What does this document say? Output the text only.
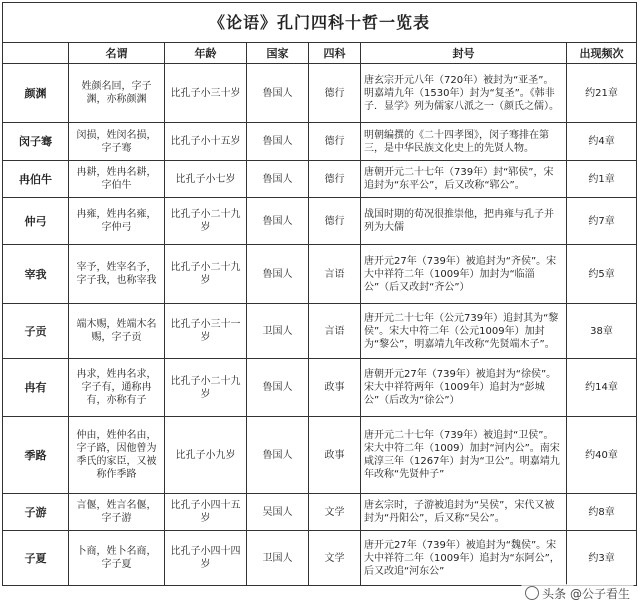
《论语》孔门四科十哲一览表						
	名谓	年龄	国家	四科	封号	出现频次
颜渊	姓颜名回，字子渊，亦称颜渊	比孔子小三十岁	鲁国人	德行	唐玄宗开元八年（720年）被封为“亚圣”。明嘉靖九年（1530年）封为“复圣”。《韩非子．显学》列为儒家八派之一（颜氏之儒）。	约21章
闵子骞	闵损，姓闵名损，字子骞	比孔子小十五岁	鲁国人	德行	明朝编撰的《二十四孝图》，闵子骞排在第三，是中华民族文化史上的先贤人物。	约4章
冉伯牛	冉耕，姓冉名耕，字伯牛	比孔子小七岁	鲁国人	德行	唐朝开元二十七年（739年）封“郓侯”，宋追封为“东平公”，后又改称“郓公”。	约1章
仲弓	冉雍，姓冉名雍，字仲弓	比孔子小二十九岁	鲁国人	德行	战国时期的荀况很推崇他，把冉雍与孔子并列为大儒	约7章
宰我	宰予，姓宰名予，字子我，也称宰我	比孔子小二十九岁	鲁国人	言语	唐开元27年（739年）被追封为“齐侯”。宋大中祥符二年（1009年）加封为“临淄公”（后又改封“齐公”）	约5章
子贡	端木赐，姓端木名赐，字子贡	比孔子小三十一岁	卫国人	言语	唐开元二十七年（公元739年）追封其为“黎侯”。宋大中符二年（公元1009年）加封为“黎公”，明嘉靖九年改称“先贤端木子”。	38章
冉有	冉求，姓冉名求，字子有，通称冉有，亦称有子	比孔子小二十九岁	鲁国人	政事	唐朝开元27年（739年）被追封为“徐侯”。宋大中祥符两年（1009年）追封为“彭城公”（后改为“徐公”）	约14章
季路	仲由，姓仲名由，字子路，因他曾为季氏的家臣，又被称作季路	比孔子小九岁	鲁国人	政事	唐开元二十七年（739年）被追封“卫侯”。宋大中符二年（1009）加封“河内公”。南宋咸淳三年（1267年）封为“卫公”。明嘉靖九年改称“先贤仲子”	约40章
子游	言偃，姓言名偃，字子游	比孔子小四十五岁	吴国人	文学	唐玄宗时，子游被追封为“吴侯”，宋代又被封为“丹阳公”，后又称“吴公”。	约8章
子夏	卜商，姓卜名商，字子夏	比孔子小四十四岁	卫国人	文学	唐开元27年（739年）被追封为“魏侯”。宋大中祥符二年（1009年）追封为“东阿公”，后又改追“河东公”	约3章
头条 @公子看生
